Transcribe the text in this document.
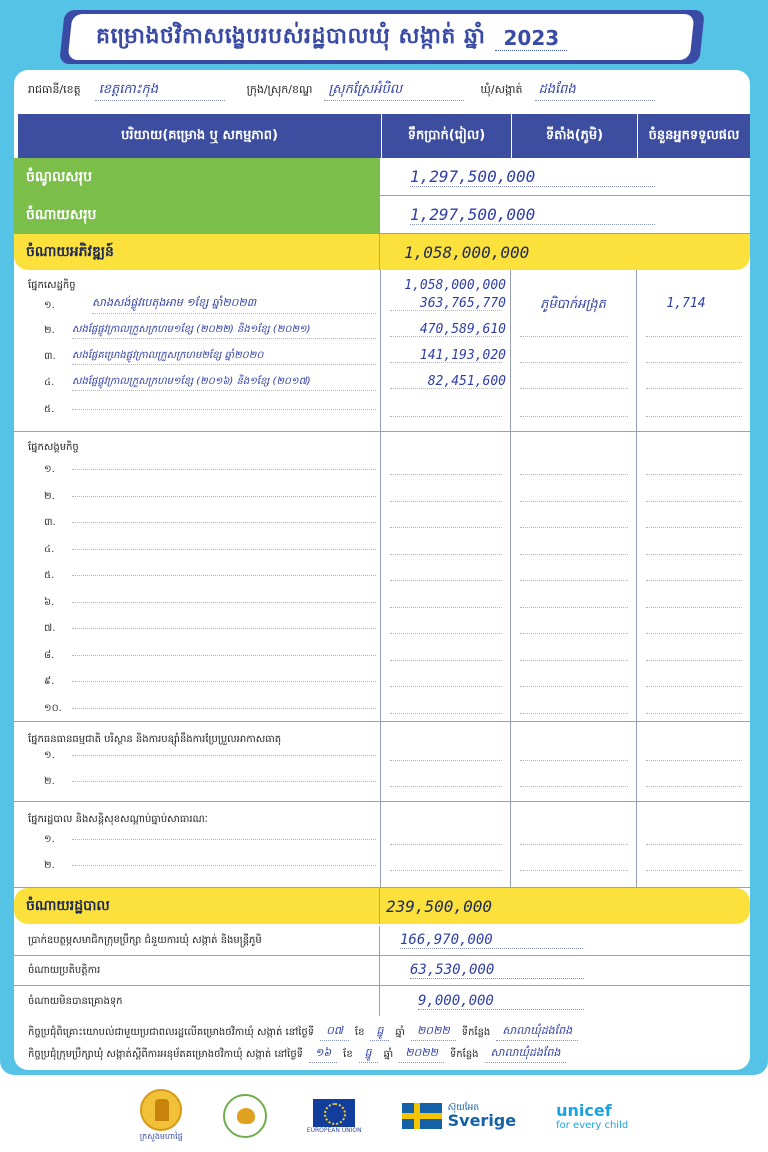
គម្រោងថវិកាសង្ខេបរបស់រដ្ឋបាលឃុំ សង្កាត់ ឆ្នាំ 2023
រាជធានី/ខេត្ត	ខេត្តកោះកុង	ក្រុង/ស្រុក/ខណ្ឌ	ស្រុកស្រែអំបិល	ឃុំ/សង្កាត់	ដងពែង
បរិយាយ(គម្រោង ឬ សកម្មភាព)	ទឹកប្រាក់(រៀល)	ទីតាំង(ភូមិ)	ចំនួនអ្នកទទួលផល
ចំណូលសរុប	1,297,500,000
ចំណាយសរុប	1,297,500,000
ចំណាយអភិវឌ្ឍន៍	1,058,000,000
ផ្នែកសេដ្ឋកិច្ច	1,058,000,000
១.	សាងសង់ផ្លូវបេតុងអាម ១ខ្សែ ឆ្នាំ២០២៣	363,765,770	ភូមិបាក់អង្រុត	1,714
២.	សងផ្លែផ្លូវក្រាលក្រួសក្រហម១ខ្សែ (២០២២) និង១ខ្សែ (២០២១)	470,589,610
៣.	សងផ្លែគម្រោងផ្លូវក្រាលក្រួសក្រហម២ខ្សែ ឆ្នាំ២០២០	141,193,020
៤.	សងផ្លែផ្លូវក្រាលក្រួសក្រហម១ខ្សែ (២០១៦) និង១ខ្សែ (២០១៧)	82,451,600
៥.
ផ្នែកសង្គមកិច្ច
១.
២.
៣.
៤.
៥.
៦.
៧.
៨.
៩.
១០.
ផ្នែកធនធានធម្មជាតិ បរិស្ថាន និងការបន្ស៊ាំនឹងការប្រែប្រួលអាកាសធាតុ
១.
២.
ផ្នែករដ្ឋបាល និងសន្តិសុខសណ្តាប់ធ្នាប់សាធារណៈ
១.
២.
ចំណាយរដ្ឋបាល	239,500,000
ប្រាក់ឧបត្ថម្ភសមាជិកក្រុមប្រឹក្សា ជំនួយការឃុំ សង្កាត់ និងមន្ត្រីភូមិ	166,970,000
ចំណាយប្រតិបត្តិការ	63,530,000
ចំណាយមិនបានគ្រោងទុក	9,000,000
កិច្ចប្រជុំពិគ្រោះយោបល់ជាមួយប្រជាពលរដ្ឋលើគម្រោងថវិកាឃុំ សង្កាត់ នៅថ្ងៃទី	០៧	ខែ	ធ្នូ	ឆ្នាំ	២០២២	ទីកន្លែង	សាលាឃុំដងពែង
កិច្ចប្រជុំក្រុមប្រឹក្សាឃុំ សង្កាត់ស្តីពីការអនុម័តគម្រោងថវិកាឃុំ សង្កាត់ នៅថ្ងៃទី	១៦	ខែ	ធ្នូ	ឆ្នាំ	២០២២	ទីកន្លែង	សាលាឃុំដងពែង
ក្រសួងមហាផ្ទៃ
EUROPEAN UNION
ស៊ុយអែត
Sverige	unicef
for every child
